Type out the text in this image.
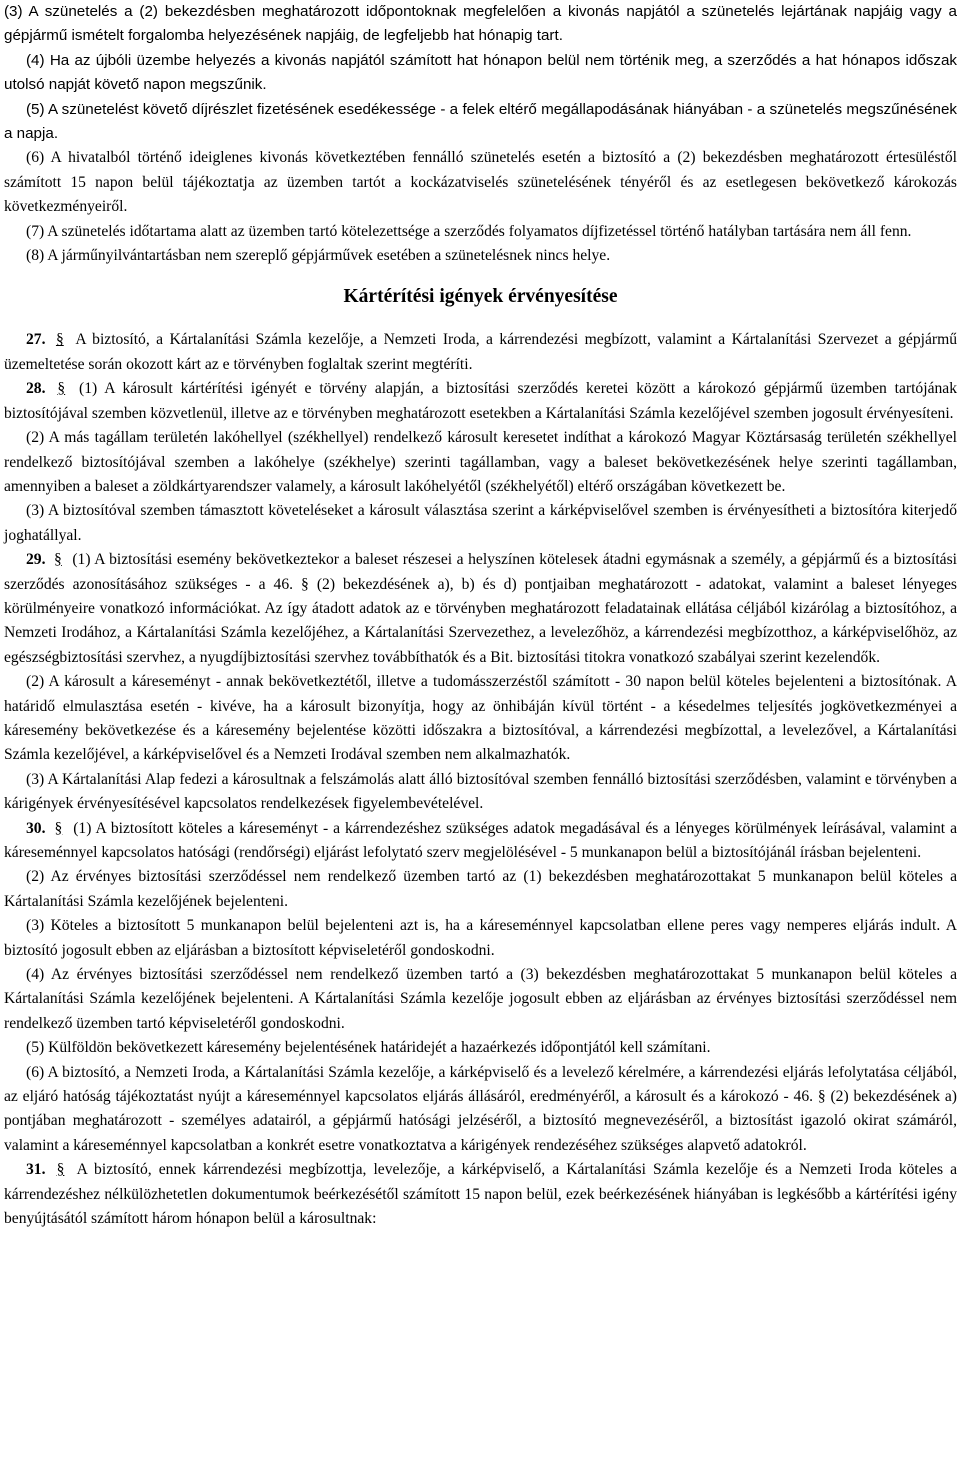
(3) A szünetelés a (2) bekezdésben meghatározott időpontoknak megfelelően a kivonás napjától a szünetelés lejártának napjáig vagy a gépjármű ismételt forgalomba helyezésének napjáig, de legfeljebb hat hónapig tart.

(4) Ha az újbóli üzembe helyezés a kivonás napjától számított hat hónapon belül nem történik meg, a szerződés a hat hónapos időszak utolsó napját követő napon megszűnik.

(5) A szünetelést követő díjrészlet fizetésének esedékessége - a felek eltérő megállapodásának hiányában - a szünetelés megszűnésének a napja.

(6) A hivatalból történő ideiglenes kivonás következtében fennálló szünetelés esetén a biztosító a (2) bekezdésben meghatározott értesüléstől számított 15 napon belül tájékoztatja az üzemben tartót a kockázatviselés szünetelésének tényéről és az esetlegesen bekövetkező károkozás következményeiről.

(7) A szünetelés időtartama alatt az üzemben tartó kötelezettsége a szerződés folyamatos díjfizetéssel történő hatályban tartására nem áll fenn.

(8) A járműnyilvántartásban nem szereplő gépjárművek esetében a szünetelésnek nincs helye.

Kártérítési igények érvényesítése

27. § A biztosító, a Kártalanítási Számla kezelője, a Nemzeti Iroda, a kárrendezési megbízott, valamint a Kártalanítási Szervezet a gépjármű üzemeltetése során okozott kárt az e törvényben foglaltak szerint megtéríti.

28. § (1) A károsult kártérítési igényét e törvény alapján, a biztosítási szerződés keretei között a károkozó gépjármű üzemben tartójának biztosítójával szemben közvetlenül, illetve az e törvényben meghatározott esetekben a Kártalanítási Számla kezelőjével szemben jogosult érvényesíteni.

(2) A más tagállam területén lakóhellyel (székhellyel) rendelkező károsult keresetet indíthat a károkozó Magyar Köztársaság területén székhellyel rendelkező biztosítójával szemben a lakóhelye (székhelye) szerinti tagállamban, vagy a baleset bekövetkezésének helye szerinti tagállamban, amennyiben a baleset a zöldkártyarendszer valamely, a károsult lakóhelyétől (székhelyétől) eltérő országában következett be.

(3) A biztosítóval szemben támasztott követeléseket a károsult választása szerint a kárképviselővel szemben is érvényesítheti a biztosítóra kiterjedő joghatállyal.

29. § (1) A biztosítási esemény bekövetkeztekor a baleset részesei a helyszínen kötelesek átadni egymásnak a személy, a gépjármű és a biztosítási szerződés azonosításához szükséges - a 46. § (2) bekezdésének a), b) és d) pontjaiban meghatározott - adatokat, valamint a baleset lényeges körülményeire vonatkozó információkat. Az így átadott adatok az e törvényben meghatározott feladatainak ellátása céljából kizárólag a biztosítóhoz, a Nemzeti Irodához, a Kártalanítási Számla kezelőjéhez, a Kártalanítási Szervezethez, a levelezőhöz, a kárrendezési megbízotthoz, a kárképviselőhöz, az egészségbiztosítási szervhez, a nyugdíjbiztosítási szervhez továbbíthatók és a Bit. biztosítási titokra vonatkozó szabályai szerint kezelendők.

(2) A károsult a káreseményt - annak bekövetkeztétől, illetve a tudomásszerzéstől számított - 30 napon belül köteles bejelenteni a biztosítónak. A határidő elmulasztása esetén - kivéve, ha a károsult bizonyítja, hogy az önhibáján kívül történt - a késedelmes teljesítés jogkövetkezményei a káresemény bekövetkezése és a káresemény bejelentése közötti időszakra a biztosítóval, a kárrendezési megbízottal, a levelezővel, a Kártalanítási Számla kezelőjével, a kárképviselővel és a Nemzeti Irodával szemben nem alkalmazhatók.

(3) A Kártalanítási Alap fedezi a károsultnak a felszámolás alatt álló biztosítóval szemben fennálló biztosítási szerződésben, valamint e törvényben a kárigények érvényesítésével kapcsolatos rendelkezések figyelembevételével.

30. § (1) A biztosított köteles a káreseményt - a kárrendezéshez szükséges adatok megadásával és a lényeges körülmények leírásával, valamint a káreseménnyel kapcsolatos hatósági (rendőrségi) eljárást lefolytató szerv megjelölésével - 5 munkanapon belül a biztosítójánál írásban bejelenteni.

(2) Az érvényes biztosítási szerződéssel nem rendelkező üzemben tartó az (1) bekezdésben meghatározottakat 5 munkanapon belül köteles a Kártalanítási Számla kezelőjének bejelenteni.

(3) Köteles a biztosított 5 munkanapon belül bejelenteni azt is, ha a káreseménnyel kapcsolatban ellene peres vagy nemperes eljárás indult. A biztosító jogosult ebben az eljárásban a biztosított képviseletéről gondoskodni.

(4) Az érvényes biztosítási szerződéssel nem rendelkező üzemben tartó a (3) bekezdésben meghatározottakat 5 munkanapon belül köteles a Kártalanítási Számla kezelőjének bejelenteni. A Kártalanítási Számla kezelője jogosult ebben az eljárásban az érvényes biztosítási szerződéssel nem rendelkező üzemben tartó képviseletéről gondoskodni.

(5) Külföldön bekövetkezett káresemény bejelentésének határidejét a hazaérkezés időpontjától kell számítani.

(6) A biztosító, a Nemzeti Iroda, a Kártalanítási Számla kezelője, a kárképviselő és a levelező kérelmére, a kárrendezési eljárás lefolytatása céljából, az eljáró hatóság tájékoztatást nyújt a káreseménnyel kapcsolatos eljárás állásáról, eredményéről, a károsult és a károkozó - 46. § (2) bekezdésének a) pontjában meghatározott - személyes adatairól, a gépjármű hatósági jelzéséről, a biztosító megnevezéséről, a biztosítást igazoló okirat számáról, valamint a káreseménnyel kapcsolatban a konkrét esetre vonatkoztatva a kárigények rendezéséhez szükséges alapvető adatokról.

31. § A biztosító, ennek kárrendezési megbízottja, levelezője, a kárképviselő, a Kártalanítási Számla kezelője és a Nemzeti Iroda köteles a kárrendezéshez nélkülözhetetlen dokumentumok beérkezésétől számított 15 napon belül, ezek beérkezésének hiányában is legkésőbb a kártérítési igény benyújtásától számított három hónapon belül a károsultnak:
